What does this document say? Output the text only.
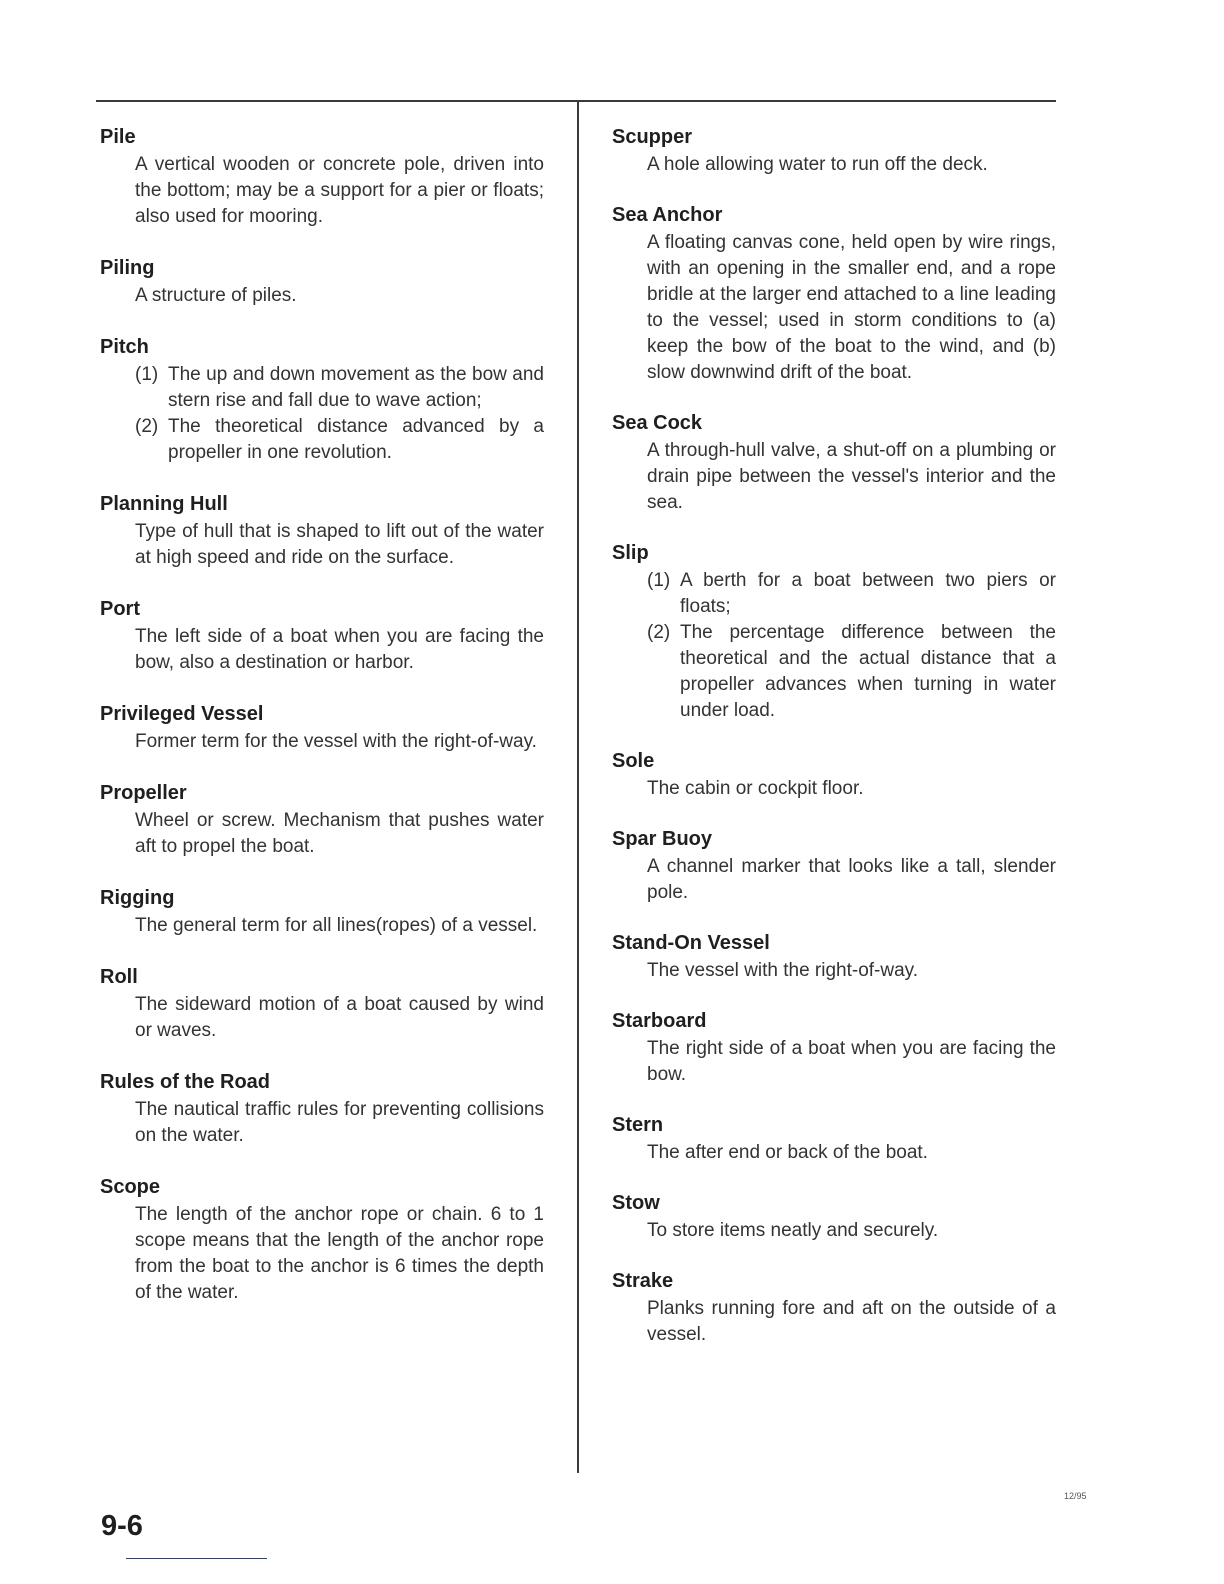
Pile
A vertical wooden or concrete pole, driven into the bottom; may be a support for a pier or floats; also used for mooring.
Piling
A structure of piles.
Pitch
(1) The up and down movement as the bow and stern rise and fall due to wave action;
(2) The theoretical distance advanced by a propeller in one revolution.
Planning Hull
Type of hull that is shaped to lift out of the water at high speed and ride on the surface.
Port
The left side of a boat when you are facing the bow, also a destination or harbor.
Privileged Vessel
Former term for the vessel with the right-of-way.
Propeller
Wheel or screw. Mechanism that pushes water aft to propel the boat.
Rigging
The general term for all lines(ropes) of a vessel.
Roll
The sideward motion of a boat caused by wind or waves.
Rules of the Road
The nautical traffic rules for preventing collisions on the water.
Scope
The length of the anchor rope or chain. 6 to 1 scope means that the length of the anchor rope from the boat to the anchor is 6 times the depth of the water.
Scupper
A hole allowing water to run off the deck.
Sea Anchor
A floating canvas cone, held open by wire rings, with an opening in the smaller end, and a rope bridle at the larger end attached to a line leading to the vessel; used in storm conditions to (a) keep the bow of the boat to the wind, and (b) slow downwind drift of the boat.
Sea Cock
A through-hull valve, a shut-off on a plumbing or drain pipe between the vessel's interior and the sea.
Slip
(1) A berth for a boat between two piers or floats;
(2) The percentage difference between the theoretical and the actual distance that a propeller advances when turning in water under load.
Sole
The cabin or cockpit floor.
Spar Buoy
A channel marker that looks like a tall, slender pole.
Stand-On Vessel
The vessel with the right-of-way.
Starboard
The right side of a boat when you are facing the bow.
Stern
The after end or back of the boat.
Stow
To store items neatly and securely.
Strake
Planks running fore and aft on the outside of a vessel.
12/95
9-6
